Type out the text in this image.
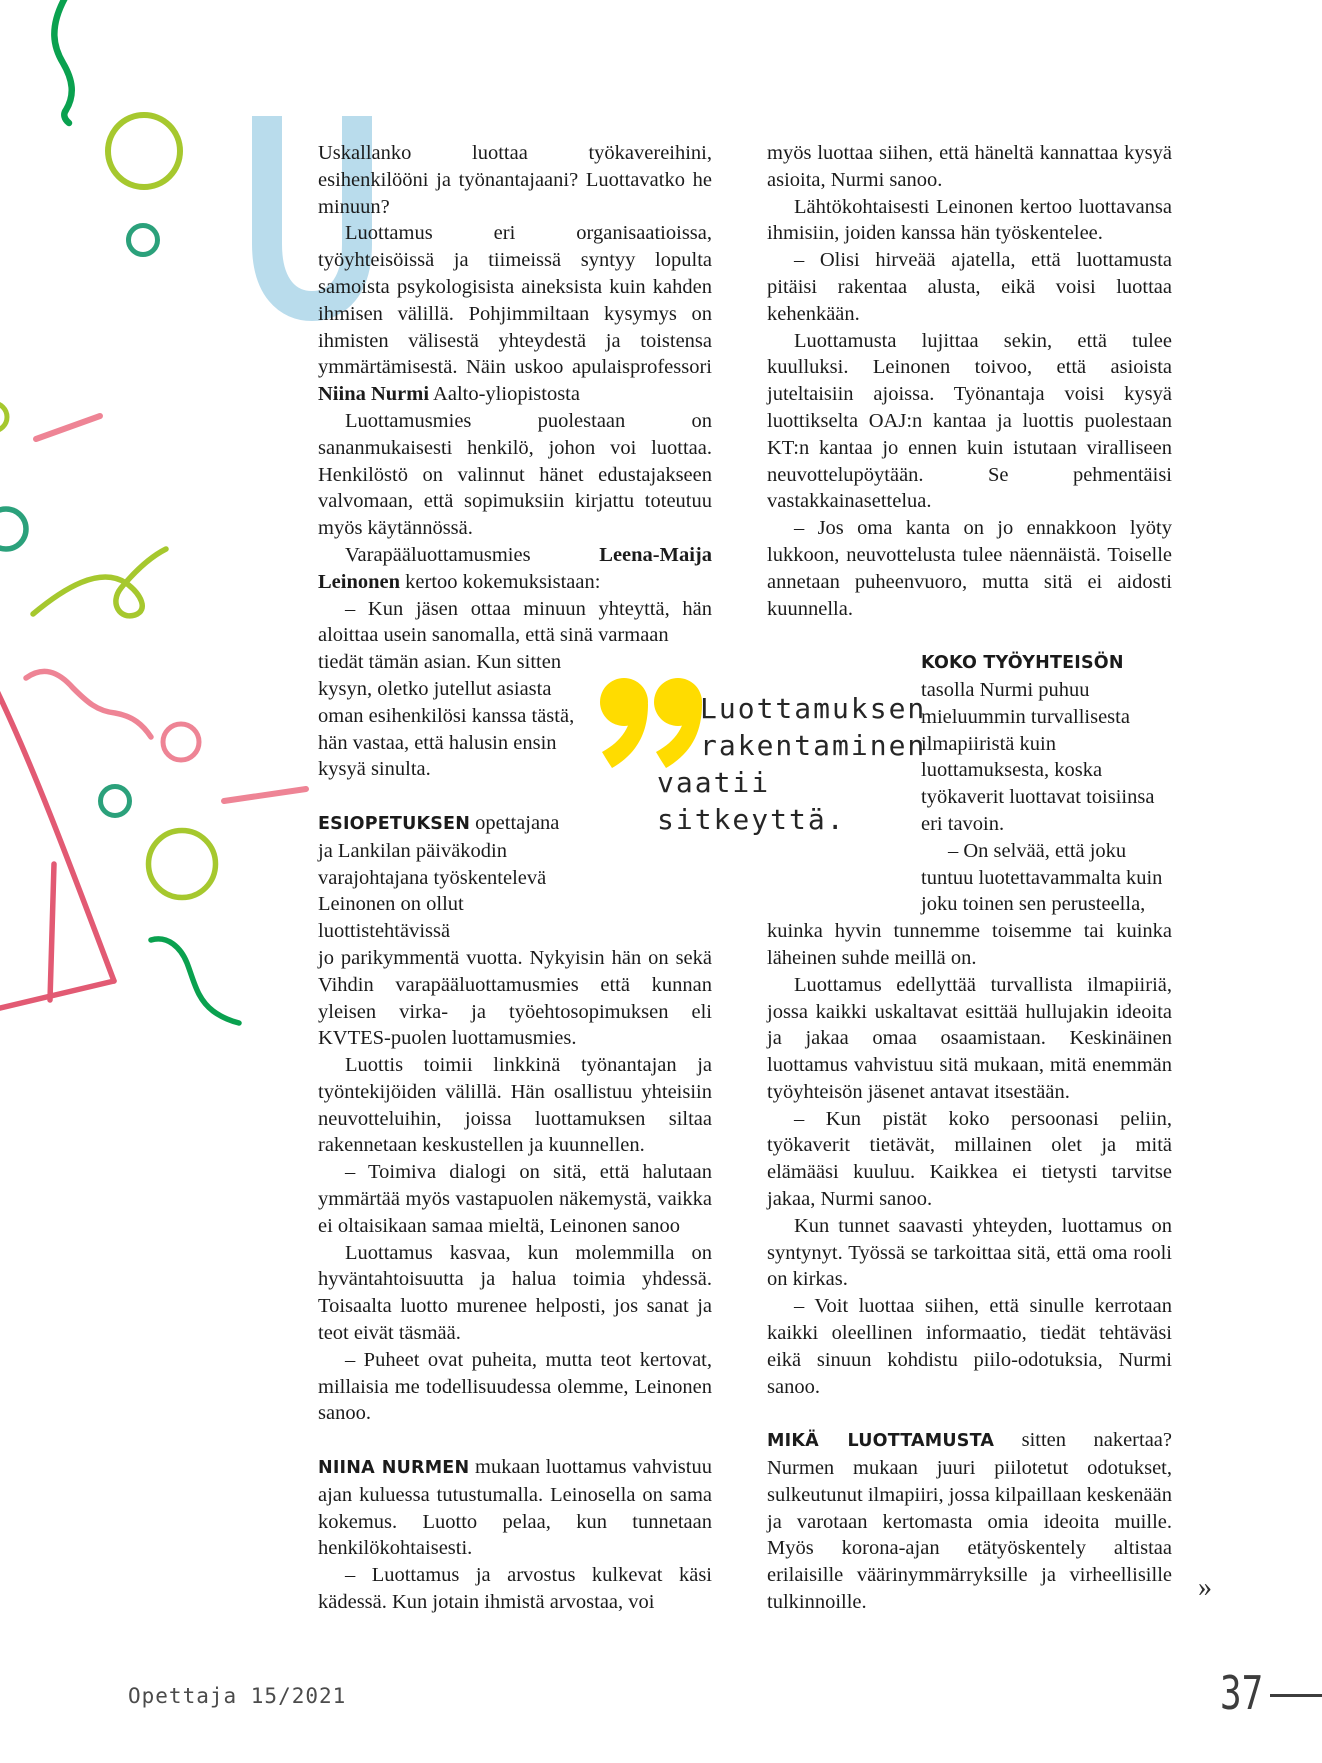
Uskallanko luottaa työkavereihini, esihenkilööni ja työnantajaani? Luottavatko he minuun?

Luottamus eri organisaatioissa, työyhteisöissä ja tiimeissä syntyy lopulta samoista psykologisista aineksista kuin kahden ihmisen välillä. Pohjimmiltaan kysymys on ihmisten välisestä yhteydestä ja toistensa ymmärtämisestä. Näin uskoo apulaisprofessori Niina Nurmi Aalto-yliopistosta

Luottamusmies puolestaan on sananmukaisesti henkilö, johon voi luottaa. Henkilöstö on valinnut hänet edustajakseen valvomaan, että sopimuksiin kirjattu toteutuu myös käytännössä.

Varapääluottamusmies Leena-Maija Leinonen kertoo kokemuksistaan:

– Kun jäsen ottaa minuun yhteyttä, hän aloittaa usein sanomalla, että sinä varmaan

tiedät tämän asian. Kun sitten kysyn, oletko jutellut asiasta oman esihenkilösi kanssa tästä, hän vastaa, että halusin ensin kysyä sinulta.

ESIOPETUKSEN opettajana ja Lankilan päiväkodin varajohtajana työskentelevä Leinonen on ollut luottistehtävissä

jo parikymmentä vuotta. Nykyisin hän on sekä Vihdin varapääluottamusmies että kunnan yleisen virka- ja työehtosopimuksen eli KVTES-puolen luottamusmies.

Luottis toimii linkkinä työnantajan ja työntekijöiden välillä. Hän osallistuu yhteisiin neuvotteluihin, joissa luottamuksen siltaa rakennetaan keskustellen ja kuunnellen.

– Toimiva dialogi on sitä, että halutaan ymmärtää myös vastapuolen näkemystä, vaikka ei oltaisikaan samaa mieltä, Leinonen sanoo

Luottamus kasvaa, kun molemmilla on hyväntahtoisuutta ja halua toimia yhdessä. Toisaalta luotto murenee helposti, jos sanat ja teot eivät täsmää.

– Puheet ovat puheita, mutta teot kertovat, millaisia me todellisuudessa olemme, Leinonen sanoo.

NIINA NURMEN mukaan luottamus vahvistuu ajan kuluessa tutustumalla. Leinosella on sama kokemus. Luotto pelaa, kun tunnetaan henkilökohtaisesti.

– Luottamus ja arvostus kulkevat käsi kädessä. Kun jotain ihmistä arvostaa, voi

myös luottaa siihen, että häneltä kannattaa kysyä asioita, Nurmi sanoo.

Lähtökohtaisesti Leinonen kertoo luottavansa ihmisiin, joiden kanssa hän työskentelee.

– Olisi hirveää ajatella, että luottamusta pitäisi rakentaa alusta, eikä voisi luottaa kehenkään.

Luottamusta lujittaa sekin, että tulee kuulluksi. Leinonen toivoo, että asioista juteltaisiin ajoissa. Työnantaja voisi kysyä luottikselta OAJ:n kantaa ja luottis puolestaan KT:n kantaa jo ennen kuin istutaan viralliseen neuvottelupöytään. Se pehmentäisi vastakkainasettelua.

– Jos oma kanta on jo ennakkoon lyöty lukkoon, neuvottelusta tulee näennäistä. Toiselle annetaan puheenvuoro, mutta sitä ei aidosti kuunnella.

KOKO TYÖYHTEISÖN tasolla Nurmi puhuu mieluummin turvallisesta ilmapiiristä kuin luottamuksesta, koska työkaverit luottavat toisiinsa eri tavoin.

– On selvää, että joku tuntuu luotettavammalta kuin joku toinen sen perusteella,

kuinka hyvin tunnemme toisemme tai kuinka läheinen suhde meillä on.

Luottamus edellyttää turvallista ilmapiiriä, jossa kaikki uskaltavat esittää hullujakin ideoita ja jakaa omaa osaamistaan. Keskinäinen luottamus vahvistuu sitä mukaan, mitä enemmän työyhteisön jäsenet antavat itsestään.

– Kun pistät koko persoonasi peliin, työkaverit tietävät, millainen olet ja mitä elämääsi kuuluu. Kaikkea ei tietysti tarvitse jakaa, Nurmi sanoo.

Kun tunnet saavasti yhteyden, luottamus on syntynyt. Työssä se tarkoittaa sitä, että oma rooli on kirkas.

– Voit luottaa siihen, että sinulle kerrotaan kaikki oleellinen informaatio, tiedät tehtäväsi eikä sinuun kohdistu piilo-odotuksia, Nurmi sanoo.

MIKÄ LUOTTAMUSTA sitten nakertaa? Nurmen mukaan juuri piilotetut odotukset, sulkeutunut ilmapiiri, jossa kilpaillaan keskenään ja varotaan kertomasta omia ideoita muille. Myös korona-ajan etätyöskentely altistaa erilaisille väärinymmärryksille ja virheellisille tulkinnoille.

Luottamuksen
rakentaminen
vaatii
sitkeyttä.
»
Opettaja 15/2021	37
